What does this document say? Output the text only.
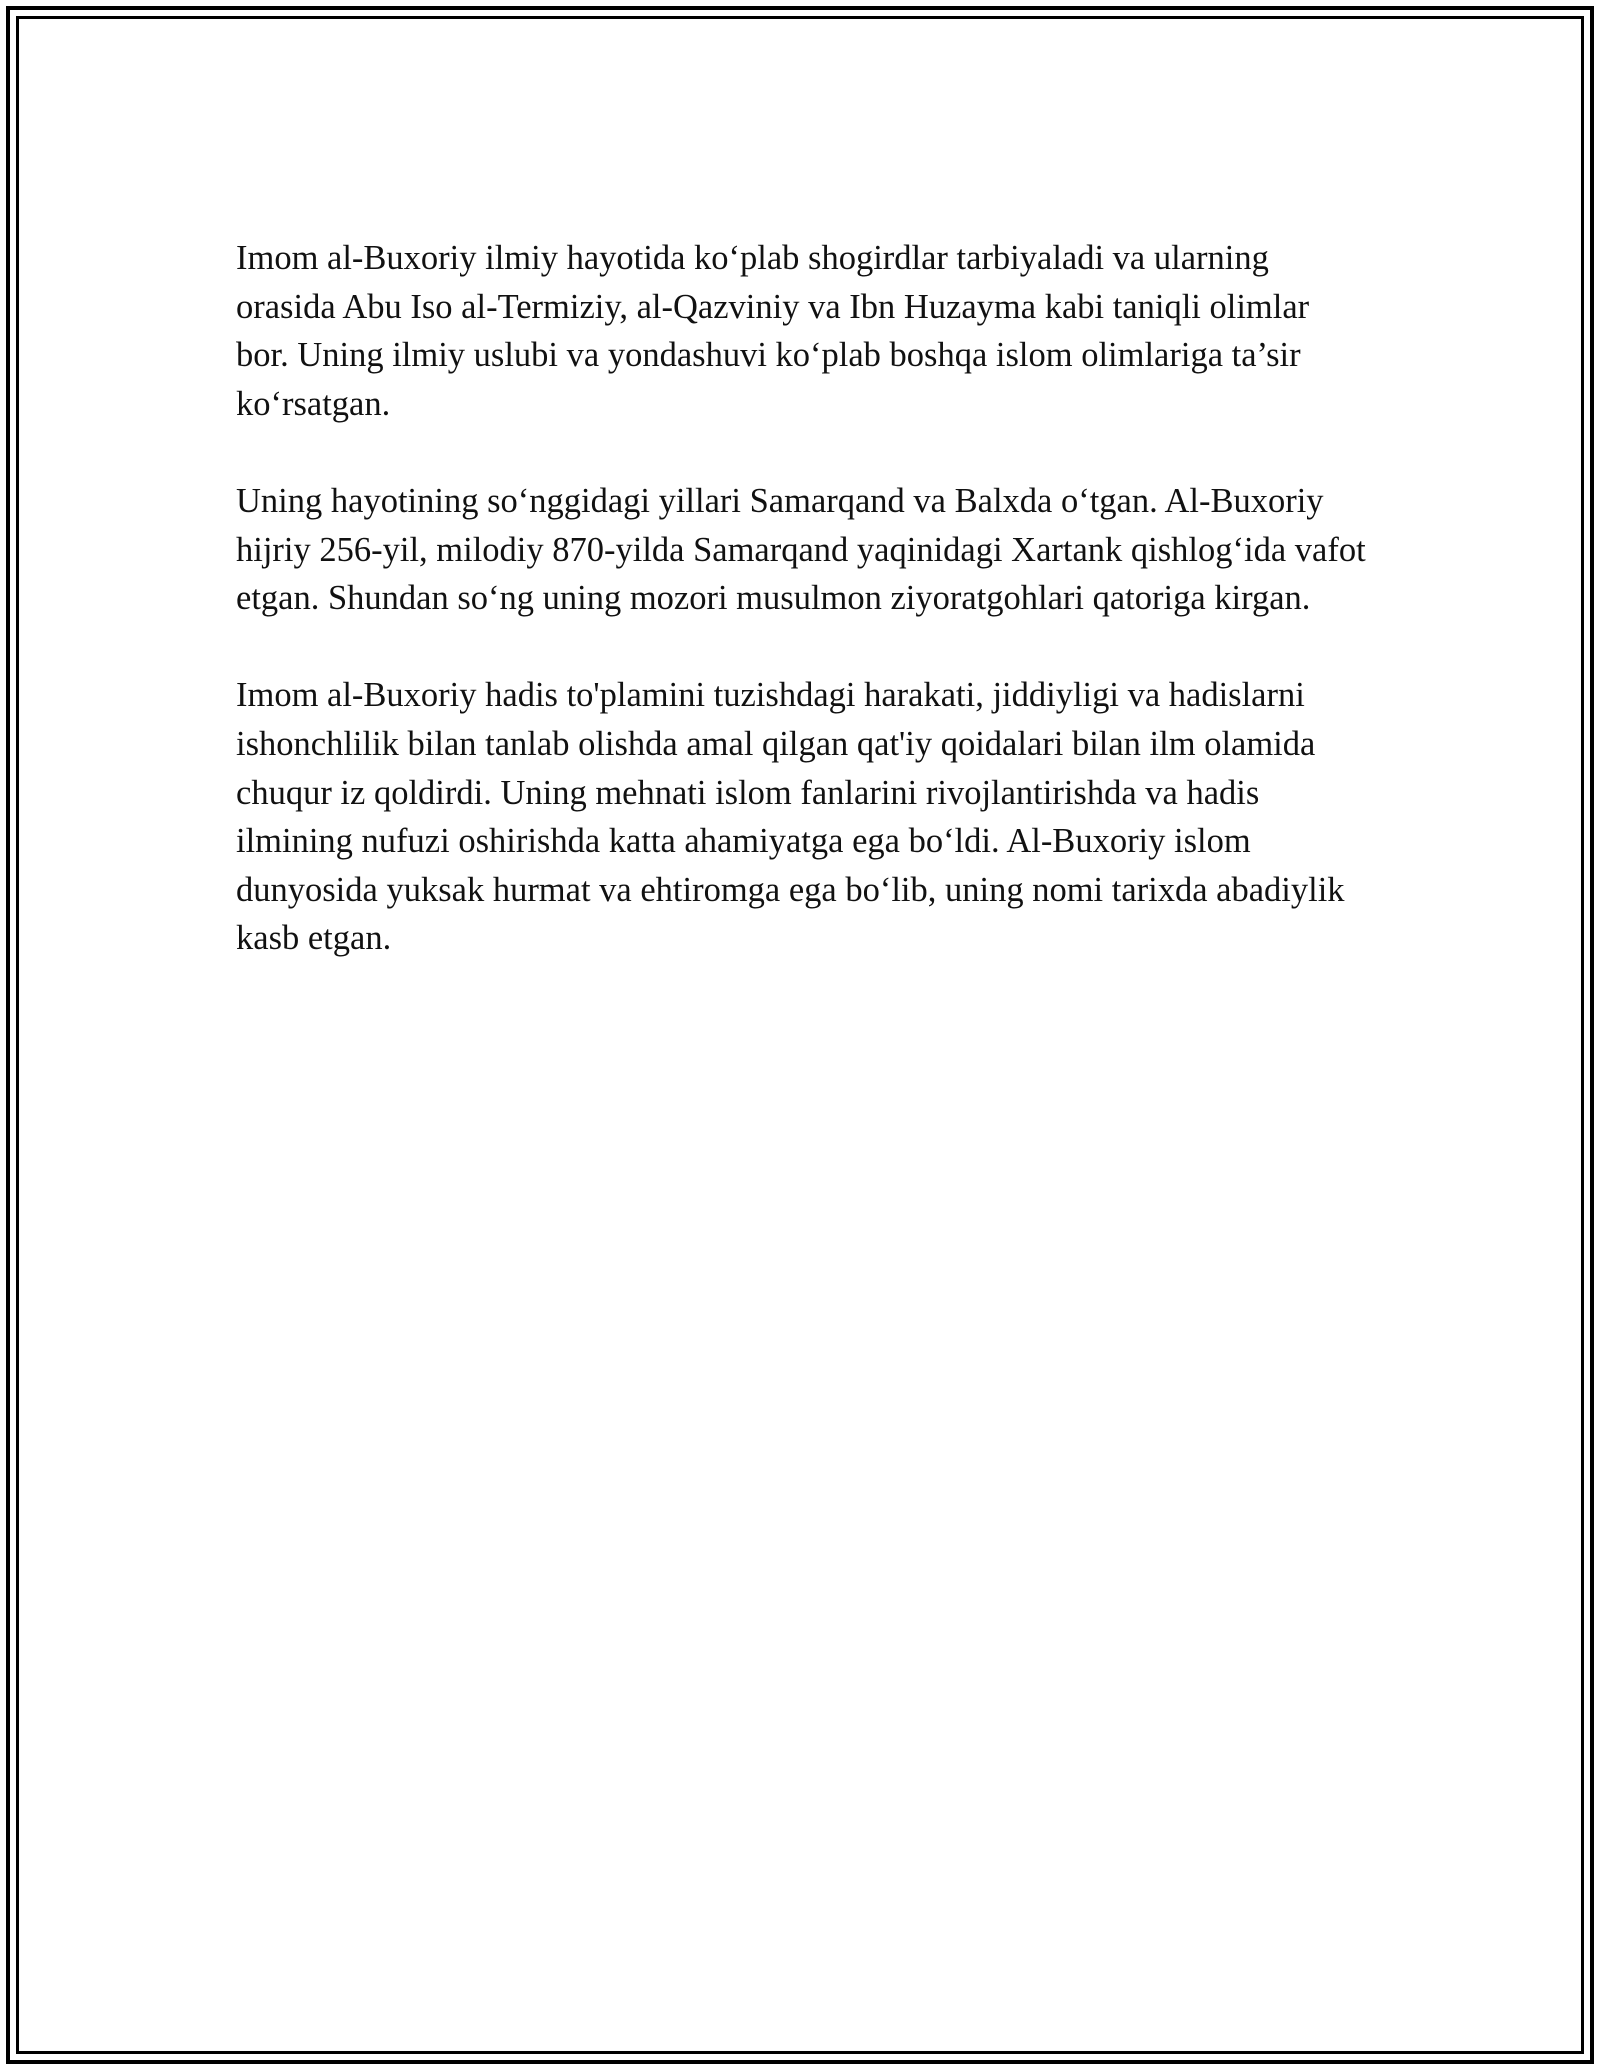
Imom al-Buxoriy ilmiy hayotida ko‘plab shogirdlar tarbiyaladi va ularning orasida Abu Iso al-Termiziy, al-Qazviniy va Ibn Huzayma kabi taniqli olimlar bor. Uning ilmiy uslubi va yondashuvi ko‘plab boshqa islom olimlariga ta’sir ko‘rsatgan.

Uning hayotining so‘nggidagi yillari Samarqand va Balxda o‘tgan. Al-Buxoriy hijriy 256-yil, milodiy 870-yilda Samarqand yaqinidagi Xartank qishlog‘ida vafot etgan. Shundan so‘ng uning mozori musulmon ziyoratgohlari qatoriga kirgan.

Imom al-Buxoriy hadis to'plamini tuzishdagi harakati, jiddiyligi va hadislarni ishonchlilik bilan tanlab olishda amal qilgan qat'iy qoidalari bilan ilm olamida chuqur iz qoldirdi. Uning mehnati islom fanlarini rivojlantirishda va hadis ilmining nufuzi oshirishda katta ahamiyatga ega bo‘ldi. Al-Buxoriy islom dunyosida yuksak hurmat va ehtiromga ega bo‘lib, uning nomi tarixda abadiylik kasb etgan.
